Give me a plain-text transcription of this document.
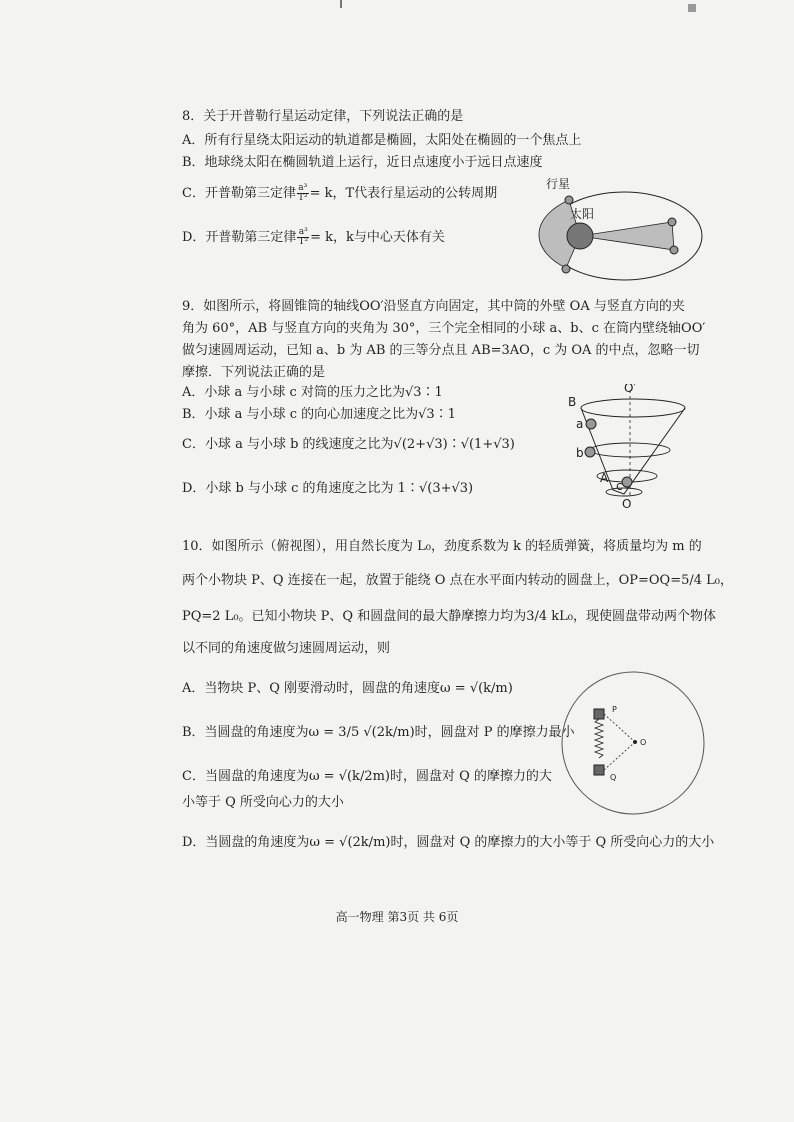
8．关于开普勒行星运动定律，下列说法正确的是
A．所有行星绕太阳运动的轨道都是椭圆，太阳处在椭圆的一个焦点上
B．地球绕太阳在椭圆轨道上运行，近日点速度小于远日点速度
C．开普勒第三定律 $\frac{\text{a³}}{\text{T²}} = k$，T代表行星运动的公转周期
D．开普勒第三定律 $\frac{\text{a³}}{\text{T²}} = k$，k与中心天体有关
行星
太阳
9．如图所示，将圆锥筒的轴线OO′沿竖直方向固定，其中筒的外壁 OA 与竖直方向的夹
角为 60°，AB 与竖直方向的夹角为 30°，三个完全相同的小球 a、b、c 在筒内壁绕轴OO′
做匀速圆周运动，已知 a、b 为 AB 的三等分点且 AB=3AO，c 为 OA 的中点，忽略一切
摩擦．下列说法正确的是
A．小球 a 与小球 c 对筒的压力之比为√3∶1
B．小球 a 与小球 c 的向心加速度之比为√3∶1
C．小球 a 与小球 b 的线速度之比为√(2+√3)∶√(1+√3)
D．小球 b 与小球 c 的角速度之比为 1∶√(3+√3)
O′
B
a
b
A
c
O
10．如图所示（俯视图），用自然长度为 L₀，劲度系数为 k 的轻质弹簧，将质量均为 m 的
两个小物块 P、Q 连接在一起，放置于能绕 O 点在水平面内转动的圆盘上，OP=OQ=5/4 L₀，
PQ=2 L₀。已知小物块 P、Q 和圆盘间的最大静摩擦力均为3/4 kL₀，现使圆盘带动两个物体
以不同的角速度做匀速圆周运动，则
A．当物块 P、Q 刚要滑动时，圆盘的角速度ω = √(k/m)
B．当圆盘的角速度为ω = 3/5 √(2k/m)时，圆盘对 P 的摩擦力最小
C．当圆盘的角速度为ω = √(k/2m)时，圆盘对 Q 的摩擦力的大
小等于 Q 所受向心力的大小
D．当圆盘的角速度为ω = √(2k/m)时，圆盘对 Q 的摩擦力的大小等于 Q 所受向心力的大小
P
O
Q
高一物理 第3页 共 6页
